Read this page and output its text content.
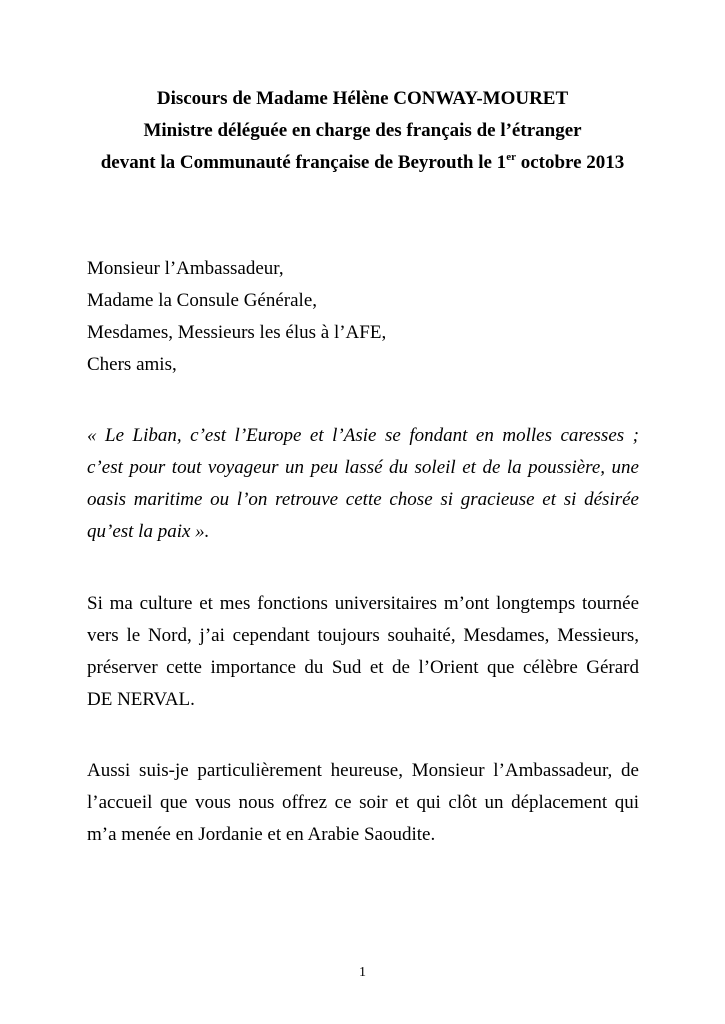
Discours de Madame Hélène CONWAY-MOURET
Ministre déléguée en charge des français de l’étranger
devant la Communauté française de Beyrouth le 1er octobre 2013
Monsieur l’Ambassadeur,
Madame la Consule Générale,
Mesdames, Messieurs les élus à l’AFE,
Chers amis,
« Le Liban, c’est l’Europe et l’Asie se fondant en molles caresses ;
c’est pour tout voyageur un peu lassé du soleil et de la poussière, une
oasis maritime ou l’on retrouve cette chose si gracieuse et si désirée
qu’est la paix ».
Si ma culture et mes fonctions universitaires m’ont longtemps tournée
vers le Nord, j’ai cependant toujours souhaité, Mesdames, Messieurs,
préserver cette importance du Sud et de l’Orient que célèbre Gérard
DE NERVAL.
Aussi suis-je particulièrement heureuse, Monsieur l’Ambassadeur, de
l’accueil que vous nous offrez ce soir et qui clôt un déplacement qui
m’a menée en Jordanie et en Arabie Saoudite.
1
